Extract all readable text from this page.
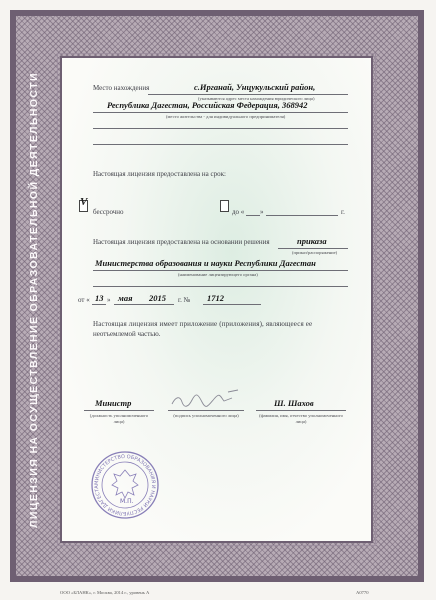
ЛИЦЕНЗИЯ НА ОСУЩЕСТВЛЕНИЕ ОБРАЗОВАТЕЛЬНОЙ ДЕЯТЕЛЬНОСТИ	Место нахождения	с.Ирганай, Унцукульский район,
(указываются адрес места нахождения юридического лица)
Республика Дагестан, Российская Федерация, 368942
(место жительства - для индивидуального предпринимателя)
Настоящая лицензия предоставлена на срок:
V
бессрочно	до « »	г.
Настоящая лицензия предоставлена на основании решения	приказа
(приказ/распоряжение)
Министерства образования и науки Республики Дагестан
(наименование лицензирующего органа)
от « 13 » мая 2015 г. № 1712
Настоящая лицензия имеет приложение (приложения), являющееся ее
неотъемлемой частью.
Министр
(должность уполномоченного лица)
(подпись уполномоченного лица)
Ш. Шахов
(фамилия, имя, отчество уполномоченного лица)
МИНИСТЕРСТВО ОБРАЗОВАНИЯ И НАУКИ РЕСПУБЛИКИ ДАГЕСТА
М.П.
ООО «БЛАНК», г. Москва, 2014 г., уровень А	А0770
